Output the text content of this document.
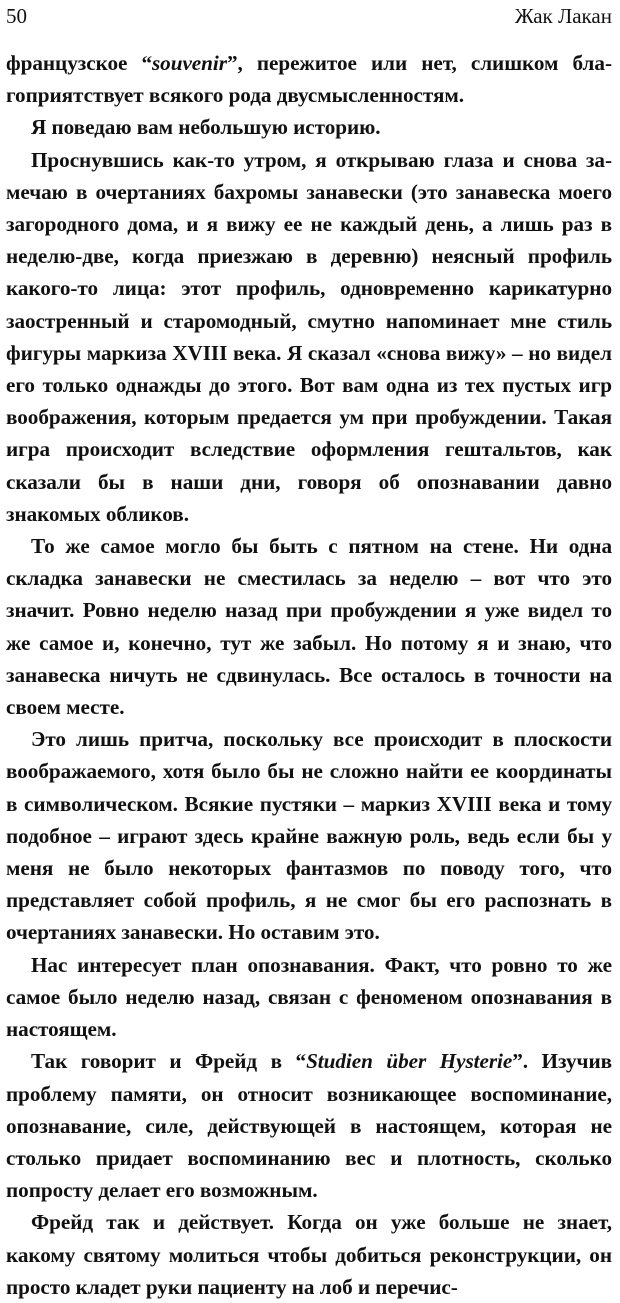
50	Жак Лакан

французское “souvenir”, пережитое или нет, слишком благоприятствует всякого рода двусмысленностям.

Я поведаю вам небольшую историю.

Проснувшись как-то утром, я открываю глаза и снова замечаю в очертаниях бахромы занавески (это занавеска моего загородного дома, и я вижу ее не каждый день, а лишь раз в неделю-две, когда приезжаю в деревню) неясный профиль какого-то лица: этот профиль, одновременно карикатурно заостренный и старомодный, смутно напоминает мне стиль фигуры маркиза XVIII века. Я сказал «снова вижу» – но видел его только однажды до этого. Вот вам одна из тех пустых игр воображения, которым предается ум при пробуждении. Такая игра происходит вследствие оформления гештальтов, как сказали бы в наши дни, говоря об опознавании давно знакомых обликов.

То же самое могло бы быть с пятном на стене. Ни одна складка занавески не сместилась за неделю – вот что это значит. Ровно неделю назад при пробуждении я уже видел то же самое и, конечно, тут же забыл. Но потому я и знаю, что занавеска ничуть не сдвинулась. Все осталось в точности на своем месте.

Это лишь притча, поскольку все происходит в плоскости воображаемого, хотя было бы не сложно найти ее координаты в символическом. Всякие пустяки – маркиз XVIII века и тому подобное – играют здесь крайне важную роль, ведь если бы у меня не было некоторых фантазмов по поводу того, что представляет собой профиль, я не смог бы его распознать в очертаниях занавески. Но оставим это.

Нас интересует план опознавания. Факт, что ровно то же самое было неделю назад, связан с феноменом опознавания в настоящем.

Так говорит и Фрейд в “Studien über Hysterie”. Изучив проблему памяти, он относит возникающее воспоминание, опознавание, силе, действующей в настоящем, которая не столько придает воспоминанию вес и плотность, сколько попросту делает его возможным.

Фрейд так и действует. Когда он уже больше не знает, какому святому молиться чтобы добиться реконструкции, он просто кладет руки пациенту на лоб и перечис-
